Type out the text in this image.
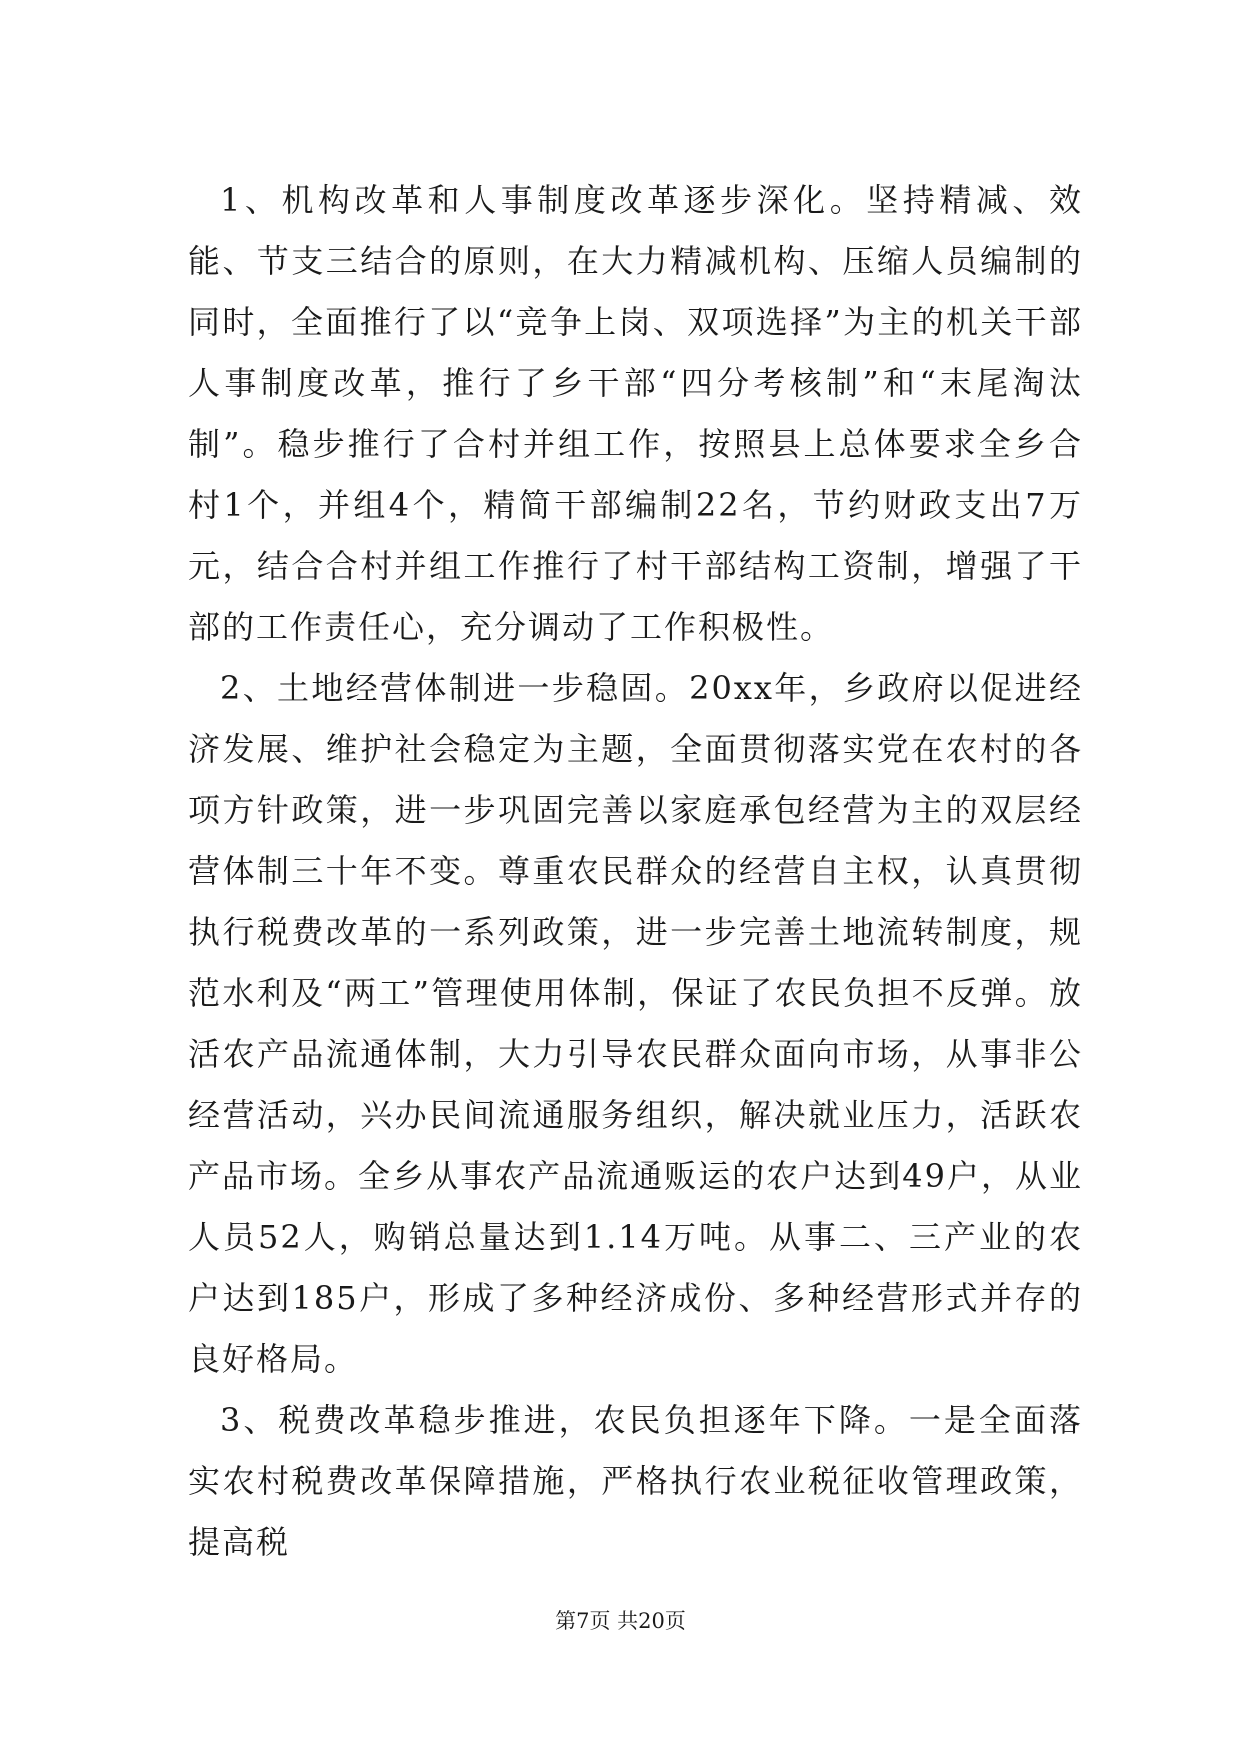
1、机构改革和人事制度改革逐步深化。坚持精减、效能、节支三结合的原则，在大力精减机构、压缩人员编制的同时，全面推行了以“竞争上岗、双项选择”为主的机关干部人事制度改革，推行了乡干部“四分考核制”和“末尾淘汰制”。稳步推行了合村并组工作，按照县上总体要求全乡合村1个，并组4个，精简干部编制22名，节约财政支出7万元，结合合村并组工作推行了村干部结构工资制，增强了干部的工作责任心，充分调动了工作积极性。

2、土地经营体制进一步稳固。20xx年，乡政府以促进经济发展、维护社会稳定为主题，全面贯彻落实党在农村的各项方针政策，进一步巩固完善以家庭承包经营为主的双层经营体制三十年不变。尊重农民群众的经营自主权，认真贯彻执行税费改革的一系列政策，进一步完善土地流转制度，规范水利及“两工”管理使用体制，保证了农民负担不反弹。放活农产品流通体制，大力引导农民群众面向市场，从事非公经营活动，兴办民间流通服务组织，解决就业压力，活跃农产品市场。全乡从事农产品流通贩运的农户达到49户，从业人员52人，购销总量达到1.14万吨。从事二、三产业的农户达到185户，形成了多种经济成份、多种经营形式并存的良好格局。

3、税费改革稳步推进，农民负担逐年下降。一是全面落实农村税费改革保障措施，严格执行农业税征收管理政策，提高税

第7页 共20页
